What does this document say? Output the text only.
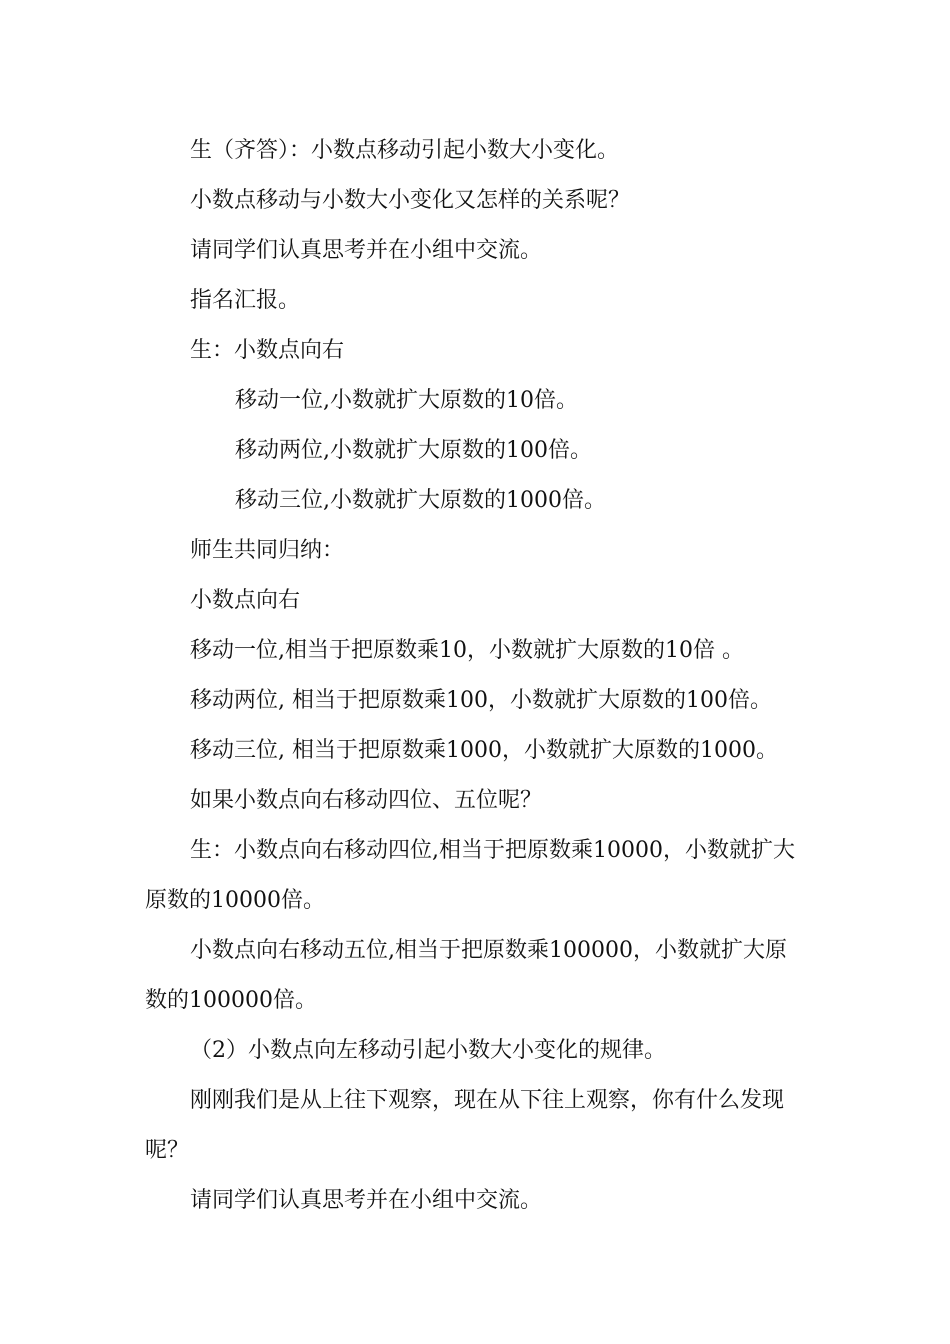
生（齐答）：小数点移动引起小数大小变化。
小数点移动与小数大小变化又怎样的关系呢？
请同学们认真思考并在小组中交流。
指名汇报。
生：小数点向右
移动一位,小数就扩大原数的10倍。
移动两位,小数就扩大原数的100倍。
移动三位,小数就扩大原数的1000倍。
师生共同归纳：
小数点向右
移动一位,相当于把原数乘10，小数就扩大原数的10倍 。
移动两位, 相当于把原数乘100，小数就扩大原数的100倍。
移动三位, 相当于把原数乘1000，小数就扩大原数的1000。
如果小数点向右移动四位、五位呢？
生：小数点向右移动四位,相当于把原数乘10000，小数就扩大
原数的10000倍。
小数点向右移动五位,相当于把原数乘100000，小数就扩大原
数的100000倍。
（2）小数点向左移动引起小数大小变化的规律。
刚刚我们是从上往下观察，现在从下往上观察，你有什么发现
呢？
请同学们认真思考并在小组中交流。
